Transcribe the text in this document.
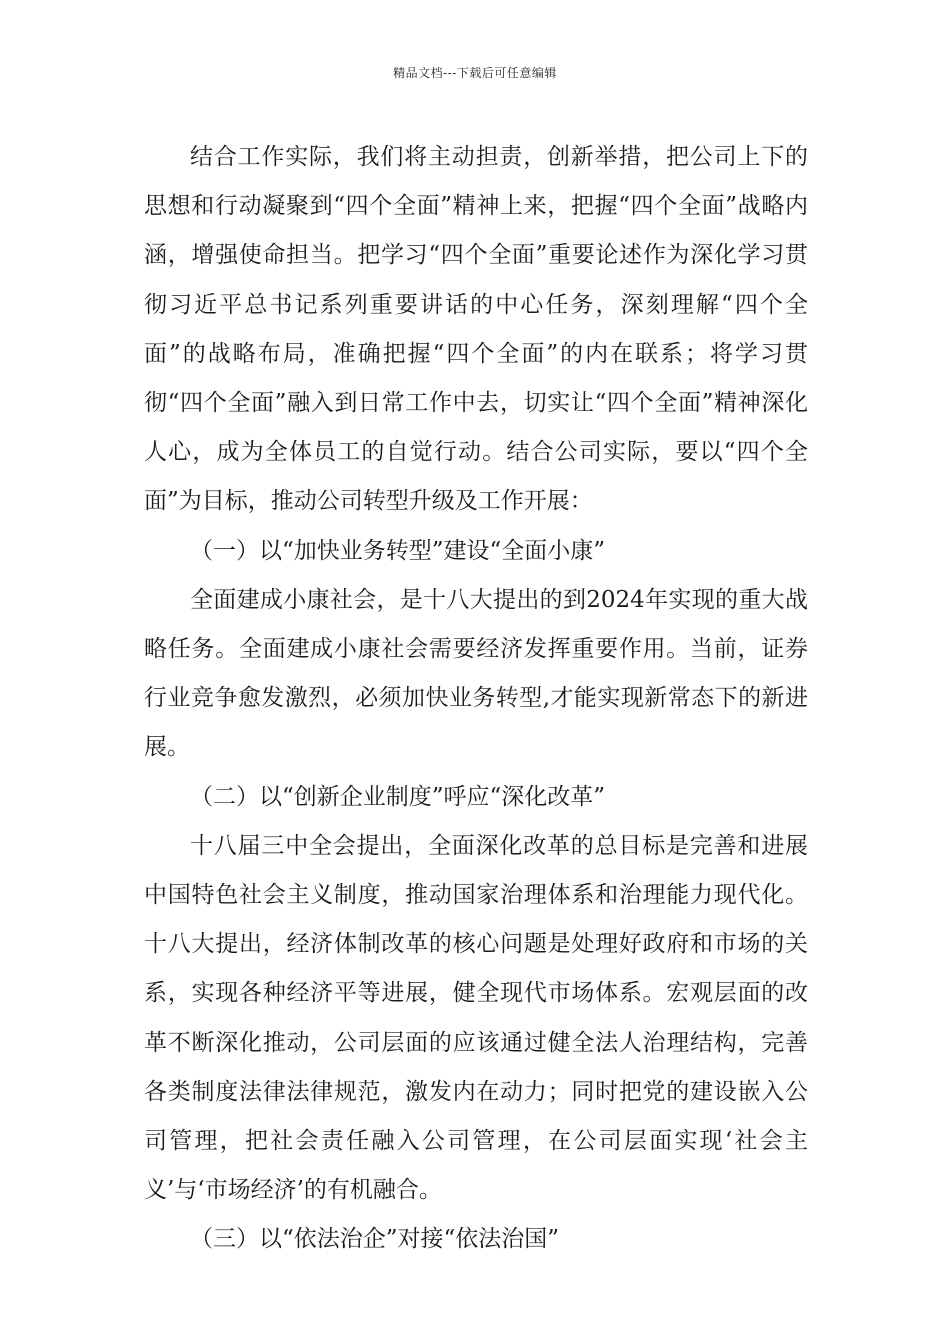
精品文档---下载后可任意编辑

结合工作实际，我们将主动担责，创新举措，把公司上下的思想和行动凝聚到“四个全面”精神上来，把握“四个全面”战略内涵，增强使命担当。把学习“四个全面”重要论述作为深化学习贯彻习近平总书记系列重要讲话的中心任务，深刻理解“四个全面”的战略布局，准确把握“四个全面”的内在联系；将学习贯彻“四个全面”融入到日常工作中去，切实让“四个全面”精神深化人心，成为全体员工的自觉行动。结合公司实际，要以“四个全面”为目标，推动公司转型升级及工作开展：

（一）以“加快业务转型”建设“全面小康”

全面建成小康社会，是十八大提出的到2024年实现的重大战略任务。全面建成小康社会需要经济发挥重要作用。当前，证券行业竞争愈发激烈，必须加快业务转型,才能实现新常态下的新进展。

（二）以“创新企业制度”呼应“深化改革”

十八届三中全会提出，全面深化改革的总目标是完善和进展中国特色社会主义制度，推动国家治理体系和治理能力现代化。十八大提出，经济体制改革的核心问题是处理好政府和市场的关系，实现各种经济平等进展，健全现代市场体系。宏观层面的改革不断深化推动，公司层面的应该通过健全法人治理结构，完善各类制度法律法律规范，激发内在动力；同时把党的建设嵌入公司管理，把社会责任融入公司管理，在公司层面实现‘社会主义’与‘市场经济’的有机融合。

（三）以“依法治企”对接“依法治国”
